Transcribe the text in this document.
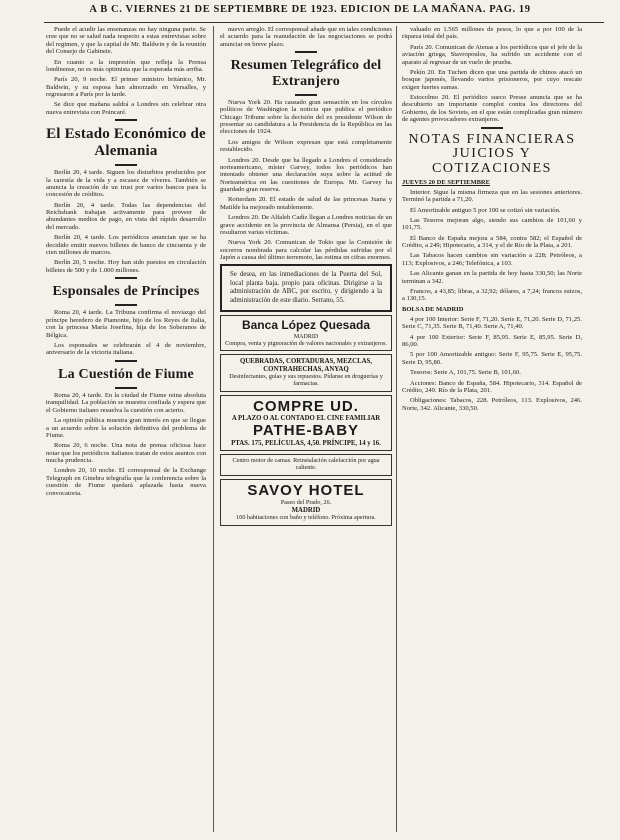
A B C. VIERNES 21 DE SEPTIEMBRE DE 1923. EDICION DE LA MAÑANA. PAG. 19

Puede el acudir las ensenanzas no hay ninguna parte. Se cree que no se salud nada respecto a estas entrevistas sobre del regimen, y que la capital de Mr. Baldwin y de la reunión del Consejo de Gabinete.

En cuanto a la impresión que refleja la Prensa londinense, no es más optimista que la esperada más arriba.

París 20, 9 noche. El primer ministro británico, Mr. Baldwin, y su esposa han almorzado en Versalles, y regresaron a París por la tarde.

Se dice que mañana saldrá a Londres sin celebrar otra nueva entrevista con Poincaré.

El Estado Económico de Alemania

Berlín 20, 4 tarde. Siguen los disturbios producidos por la carestía de la vida y a escasez de víveres. También se anuncia la creación de un trust por varios bancos para la concesión de créditos.

Berlín 20, 4 tarde. Todas las dependencias del Reichsbank trabajan activamente para proveer de abundantes medios de pago, en vista del rápido desarrollo del mercado.

Berlín 20, 4 tarde. Los periódicos anuncian que se ha decidido emitir nuevos billetes de banco de cincuenta y de cien millones de marcos.

Berlín 20, 5 noche. Hoy han sido puestos en circulación billetes de 500 y de 1.000 millones.

Esponsales de Príncipes

Roma 20, 4 tarde. La Tribuna confirma el noviazgo del príncipe heredero de Piamonte, hijo de los Reyes de Italia, con la princesa María Josefina, hija de los Soberanos de Bélgica.

Los esponsales se celebrarán el 4 de noviembre, aniversario de la victoria italiana.

La Cuestión de Fiume

Roma 20, 4 tarde. En la ciudad de Fiume reina absoluta tranquilidad. La población se muestra confiada y espera que el Gobierno italiano resuelva la cuestión con acierto.

La opinión pública muestra gran interés en que se llegue a un acuerdo sobre la solución definitiva del problema de Fiume.

Roma 20, 6 noche. Una nota de prensa oficiosa hace notar que los periódicos italianos tratan de estos asuntos con mucha prudencia.

Londres 20, 10 noche. El corresponsal de la Exchange Telegraph en Ginebra telegrafía que la conferencia sobre la cuestión de Fiume quedará aplazada hasta nueva convocatoria.

nuevo arreglo. El corresponsal añade que en tales condiciones el acuerdo para la reanudación de las negociaciones se podrá anunciar en breve plazo.

Resumen Telegráfico del Extranjero

Nueva York 20. Ha causado gran sensación en los círculos políticos de Washington la noticia que publica el periódico Chicago Tribune sobre la decisión del ex presidente Wilson de presentar su candidatura a la Presidencia de la República en las elecciones de 1924.

Los amigos de Wilson expresan que está completamente restablecido.

Londres 20. Desde que ha llegado a Londres el considerado norteamericano, míster Garvey, todos los periódicos han intentado obtener una declaración suya sobre la actitud de Norteamérica en las cuestiones de Europa. Mr. Garvey ha guardado gran reserva.

Rotterdam 20. El estado de salud de las princesas Juana y Matilde ha mejorado notablemente.

Londres 20. De Alfaleh Cadíz llegan a Londres noticias de un grave accidente en la provincia de Almansa (Persia), en el que resultaron varias víctimas.

Nueva York 20. Comunican de Tokio que la Comisión de socorros nombrada para calcular las pérdidas sufridas por el Japón a causa del último terremoto, las estima en cifras enormes.

Se desea, en las inmediaciones de la Puerta del Sol, local planta baja, propio para oficinas. Dirigirse a la administración de ABC, por escrito, y dirigiendo a la administración de este diario. Serrano, 55.
Banca López Quesada
MADRID
Compra, venta y pignoración de valores nacionales y extranjeros.
QUEBRADAS, CORTADURAS, MEZCLAS, CONTRAHECHAS, ANYAQ
Desinfectantes, guías y sus repuestos. Pídanse en droguerías y farmacias.
COMPRE UD.
A PLAZO O AL CONTADO EL CINE FAMILIAR
PATHE-BABY
PTAS. 175, PELÍCULAS, 4,50. PRÍNCIPE, 14 y 16.
Centro motor de camas. Reinstalación calefacción por agua caliente.
SAVOY HOTEL
Paseo del Prado, 26.
MADRID
100 habitaciones con baño y teléfono. Próxima apertura.

valuado en 1.565 millones de pesos, lo que a por 100 de la riqueza total del país.

París 20. Comunican de Atenas a los periódicos que el jefe de la aviación griega, Stavropoulos, ha sufrido un accidente con el aparato al regresar de un vuelo de prueba.

Pekín 20. En Tuchen dicen que una partida de chinos atacó un bosque japonés, llevando varios prisioneros, por cuyo rescate exigen fuertes sumas.

Estocolmo 20. El periódico sueco Presse anuncia que se ha descubierto un importante complot contra los directores del Gobierno, de los Soviets, en el que están complicadas gran número de agentes provocadores extranjeros.

NOTAS FINANCIERAS JUICIOS Y COTIZACIONES
JUEVES 20 DE SEPTIEMBRE

Interior. Sigue la misma firmeza que en las sesiones anteriores. Terminó la partida a 71,20.

El Amortizable antiguo 5 por 100 se cotizó sin variación.

Las Tesoros mejoran algo, siendo sus cambios de 101,60 y 101,75.

El Banco de España mejora a 584, contra 582; el Español de Crédito, a 249; Hipotecario, a 314, y el de Río de la Plata, a 201.

Las Tabacos hacen cambios sin variación a 228; Petróleos, a 113; Explosivos, a 246; Telefónica, a 103.

Las Alicante ganan en la partida de hoy hasta 330,50; las Norte terminan a 342.

Francos, a 43,85; libras, a 32,92; dólares, a 7,24; francos suizos, a 130,15.

BOLSA DE MADRID

4 por 100 Interior: Serie F, 71,20. Serie E, 71,20. Serie D, 71,25. Serie C, 71,35. Serie B, 71,40. Serie A, 71,40.

4 por 100 Exterior: Serie F, 85,95. Serie E, 85,95. Serie D, 86,00.

5 por 100 Amortizable antiguo: Serie F, 95,75. Serie E, 95,75. Serie D, 95,80.

Tesoros: Serie A, 101,75. Serie B, 101,60.

Acciones: Banco de España, 584. Hipotecario, 314. Español de Crédito, 249. Río de la Plata, 201.

Obligaciones: Tabacos, 228. Petróleos, 113. Explosivos, 246. Norte, 342. Alicante, 330,50.
